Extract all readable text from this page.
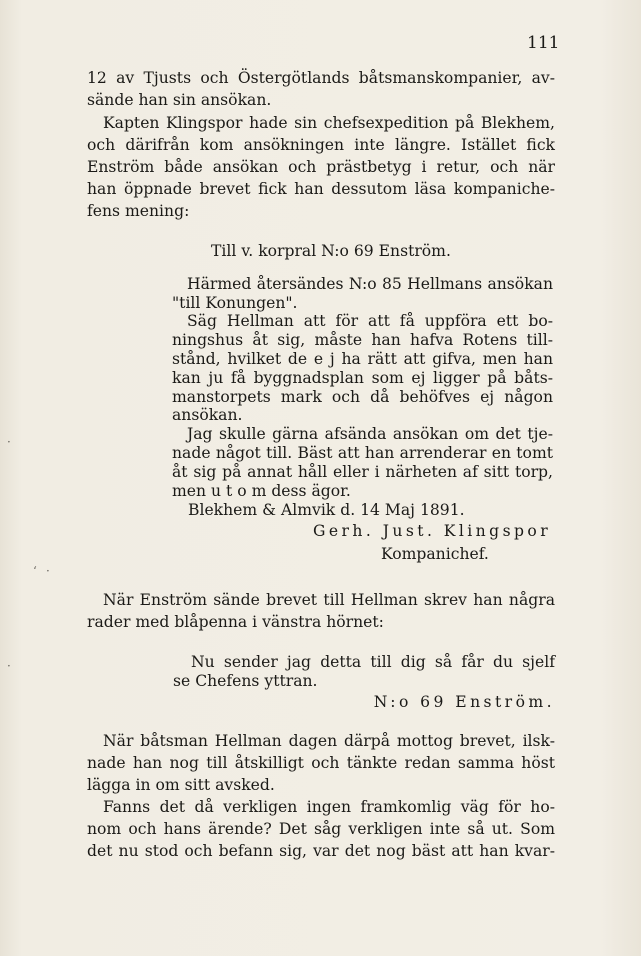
111
12 av Tjusts och Östergötlands båtsmanskompanier, av-
sände han sin ansökan.
Kapten Klingspor hade sin chefsexpedition på Blekhem,
och därifrån kom ansökningen inte längre. Istället fick
Enström både ansökan och prästbetyg i retur, och när
han öppnade brevet fick han dessutom läsa kompaniche-
fens mening:
Till v. korpral N:o 69 Enström.
Härmed återsändes N:o 85 Hellmans ansökan
"till Konungen".
Säg Hellman att för att få uppföra ett bo-
ningshus åt sig, måste han hafva Rotens till-
stånd, hvilket de e j ha rätt att gifva, men han
kan ju få byggnadsplan som ej ligger på båts-
manstorpets mark och då behöfves ej någon
ansökan.
Jag skulle gärna afsända ansökan om det tje-
nade något till. Bäst att han arrenderar en tomt
åt sig på annat håll eller i närheten af sitt torp,
men u t o m dess ägor.
Blekhem & Almvik d. 14 Maj 1891.
Gerh. Just. Klingspor
Kompanichef.
När Enström sände brevet till Hellman skrev han några
rader med blåpenna i vänstra hörnet:
Nu sender jag detta till dig så får du sjelf
se Chefens yttran.
N:o 69 Enström.
När båtsman Hellman dagen därpå mottog brevet, ilsk-
nade han nog till åtskilligt och tänkte redan samma höst
lägga in om sitt avsked.
Fanns det då verkligen ingen framkomlig väg för ho-
nom och hans ärende? Det såg verkligen inte så ut. Som
det nu stod och befann sig, var det nog bäst att han kvar-
‘ ·
·
·
